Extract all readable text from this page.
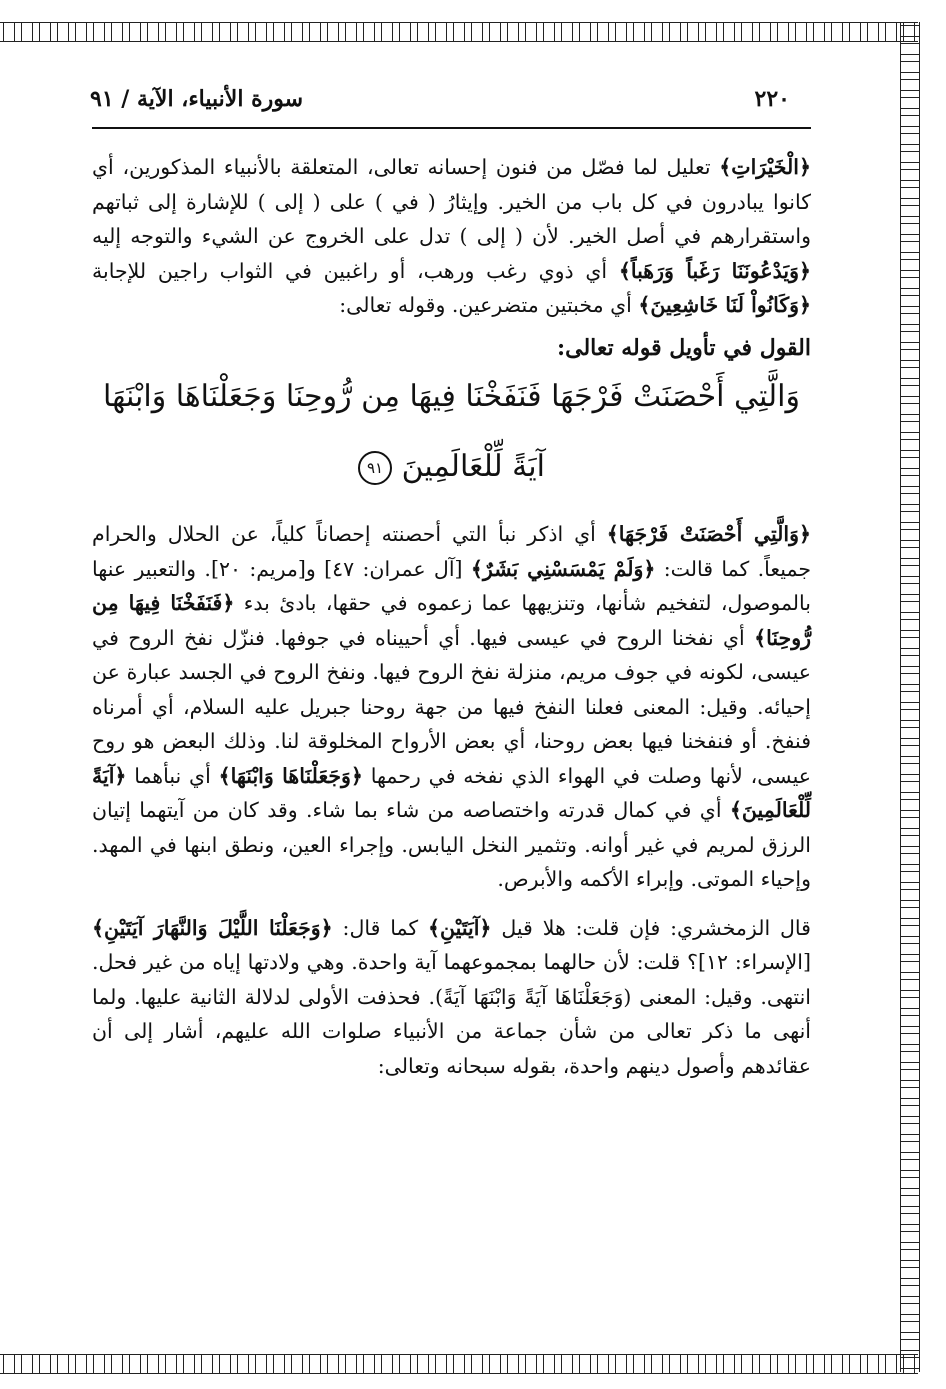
٢٢٠
سورة الأنبياء، الآية / ٩١

﴿الْخَيْرَاتِ﴾ تعليل لما فصّل من فنون إحسانه تعالى، المتعلقة بالأنبياء المذكورين، أي كانوا يبادرون في كل باب من الخير. وإيثارُ ( في ) على ( إلى ) للإشارة إلى ثباتهم واستقرارهم في أصل الخير. لأن ( إلى ) تدل على الخروج عن الشيء والتوجه إليه ﴿وَيَدْعُونَنَا رَغَباً وَرَهَباً﴾ أي ذوي رغب ورهب، أو راغبين في الثواب راجين للإجابة ﴿وَكَانُواْ لَنَا خَاشِعِينَ﴾ أي مخبتين متضرعين. وقوله تعالى:

القول في تأويل قوله تعالى:

وَالَّتِي أَحْصَنَتْ فَرْجَهَا فَنَفَخْنَا فِيهَا مِن رُّوحِنَا وَجَعَلْنَاهَا وَابْنَهَا

آيَةً لِّلْعَالَمِينَ ٩١

﴿وَالَّتِي أَحْصَنَتْ فَرْجَهَا﴾ أي اذكر نبأ التي أحصنته إحصاناً كلياً، عن الحلال والحرام جميعاً. كما قالت: ﴿وَلَمْ يَمْسَسْنِي بَشَرٌ﴾ [آل عمران: ٤٧] و[مريم: ٢٠]. والتعبير عنها بالموصول، لتفخيم شأنها، وتنزيهها عما زعموه في حقها، بادئ بدء ﴿فَنَفَخْنَا فِيهَا مِن رُّوحِنَا﴾ أي نفخنا الروح في عيسى فيها. أي أحييناه في جوفها. فنزّل نفخ الروح في عيسى، لكونه في جوف مريم، منزلة نفخ الروح فيها. ونفخ الروح في الجسد عبارة عن إحيائه. وقيل: المعنى فعلنا النفخ فيها من جهة روحنا جبريل عليه السلام، أي أمرناه فنفخ. أو فنفخنا فيها بعض روحنا، أي بعض الأرواح المخلوقة لنا. وذلك البعض هو روح عيسى، لأنها وصلت في الهواء الذي نفخه في رحمها ﴿وَجَعَلْنَاهَا وَابْنَهَا﴾ أي نبأهما ﴿آيَةً لِّلْعَالَمِينَ﴾ أي في كمال قدرته واختصاصه من شاء بما شاء. وقد كان من آيتهما إتيان الرزق لمريم في غير أوانه. وتثمير النخل اليابس. وإجراء العين، ونطق ابنها في المهد. وإحياء الموتى. وإبراء الأكمه والأبرص.

قال الزمخشري: فإن قلت: هلا قيل ﴿آيَتَيْنِ﴾ كما قال: ﴿وَجَعَلْنَا اللَّيْلَ وَالنَّهَارَ آيَتَيْنِ﴾ [الإسراء: ١٢]؟ قلت: لأن حالهما بمجموعهما آية واحدة. وهي ولادتها إياه من غير فحل. انتهى. وقيل: المعنى (وَجَعَلْنَاهَا آيَةً وَابْنَهَا آيَةً). فحذفت الأولى لدلالة الثانية عليها. ولما أنهى ما ذكر تعالى من شأن جماعة من الأنبياء صلوات الله عليهم، أشار إلى أن عقائدهم وأصول دينهم واحدة، بقوله سبحانه وتعالى:
